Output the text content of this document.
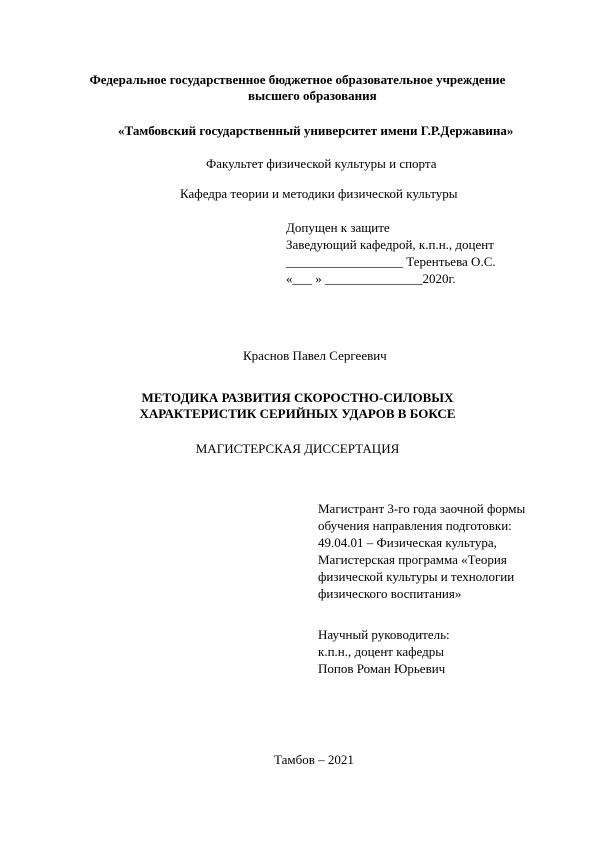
Федеральное государственное бюджетное образовательное учреждение
высшего образования
«Тамбовский государственный университет имени Г.Р.Державина»
Факультет физической культуры и спорта
Кафедра теории и методики физической культуры
Допущен к защите
Заведующий кафедрой, к.п.н., доцент
__________________ Терентьева О.С.
«___ » _______________2020г.
Краснов Павел Сергеевич
МЕТОДИКА РАЗВИТИЯ СКОРОСТНО-СИЛОВЫХ
ХАРАКТЕРИСТИК СЕРИЙНЫХ УДАРОВ В БОКСЕ
МАГИСТЕРСКАЯ ДИССЕРТАЦИЯ
Магистрант 3-го года заочной формы
обучения направления подготовки:
49.04.01 – Физическая культура,
Магистерская программа «Теория
физической культуры и технологии
физического воспитания»
Научный руководитель:
к.п.н., доцент кафедры
Попов Роман Юрьевич
Тамбов – 2021
